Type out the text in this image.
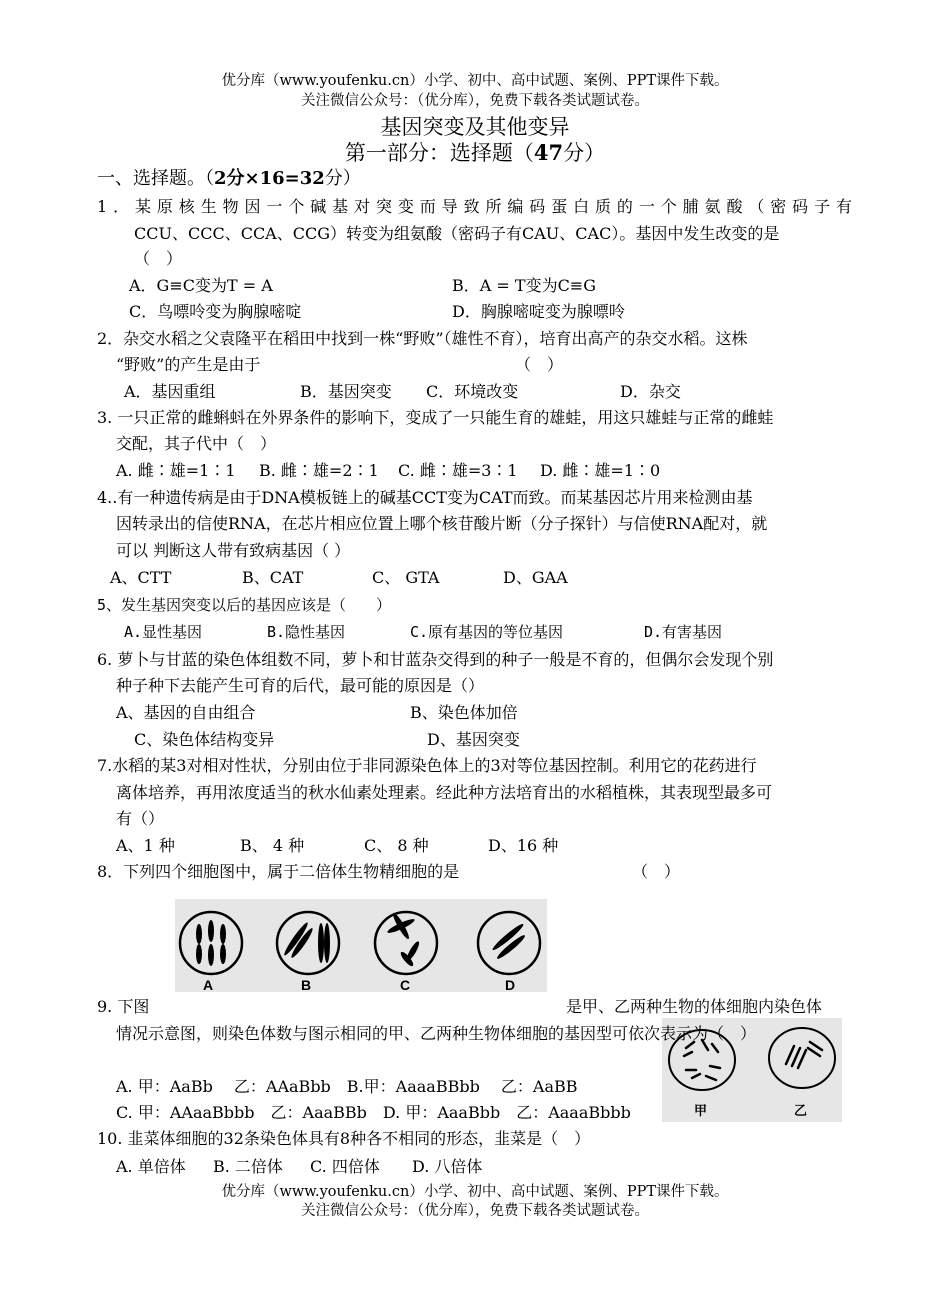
优分库（www.youfenku.cn）小学、初中、高中试题、案例、PPT课件下载。
关注微信公众号：（优分库），免费下载各类试题试卷。
基因突变及其他变异
第一部分：选择题（47分）
一、选择题。（2分×16=32分）
1．某原核生物因一个碱基对突变而导致所编码蛋白质的一个脯氨酸（密码子有
CCU、CCC、CCA、CCG）转变为组氨酸（密码子有CAU、CAC）。基因中发生改变的是
（　）
A．G≡C变为T = A	B．A = T变为C≡G
C．鸟嘌呤变为胸腺嘧啶	D．胸腺嘧啶变为腺嘌呤
2．杂交水稻之父袁隆平在稻田中找到一株“野败”（雄性不育），培育出高产的杂交水稻。这株
“野败”的产生是由于	（　）
A．基因重组	B．基因突变 C．环境改变	D．杂交
3. 一只正常的雌蝌蚪在外界条件的影响下，变成了一只能生育的雄蛙，用这只雄蛙与正常的雌蛙
交配，其子代中（　）
A. 雌∶雄=1∶1 B. 雌∶雄=2∶1 C. 雌∶雄=3∶1 D. 雌∶雄=1∶0
4..有一种遗传病是由于DNA模板链上的碱基CCT变为CAT而致。而某基因芯片用来检测由基
因转录出的信使RNA，在芯片相应位置上哪个核苷酸片断（分子探针）与信使RNA配对，就
可以 判断这人带有致病基因（ ）
A、CTT	B、CAT	C、 GTA	D、GAA
5、发生基因突变以后的基因应该是（　　）
A.显性基因	B.隐性基因	C.原有基因的等位基因	D.有害基因
6. 萝卜与甘蓝的染色体组数不同，萝卜和甘蓝杂交得到的种子一般是不育的，但偶尔会发现个别
种子种下去能产生可育的后代，最可能的原因是（）
A、基因的自由组合	B、染色体加倍
C、染色体结构变异	D、基因突变
7.水稻的某3对相对性状，分别由位于非同源染色体上的3对等位基因控制。利用它的花药进行
离体培养，再用浓度适当的秋水仙素处理素。经此种方法培育出的水稻植株，其表现型最多可
有（）
A、1 种	B、 4 种	C、 8 种	D、16 种
8．下列四个细胞图中，属于二倍体生物精细胞的是	（　）
A	B	C	D
9. 下图	是甲、乙两种生物的体细胞内染色体
甲	乙
情况示意图，则染色体数与图示相同的甲、乙两种生物体细胞的基因型可依次表示为（　）
A. 甲：AaBb　 乙：AAaBbb　B.甲：AaaaBBbb　 乙：AaBB
C. 甲：AAaaBbbb　乙：AaaBBb　D. 甲：AaaBbb　乙：AaaaBbbb
10. 韭菜体细胞的32条染色体具有8种各不相同的形态，韭菜是（　）
A. 单倍体 B. 二倍体 C. 四倍体 D. 八倍体
优分库（www.youfenku.cn）小学、初中、高中试题、案例、PPT课件下载。
关注微信公众号：（优分库），免费下载各类试题试卷。
